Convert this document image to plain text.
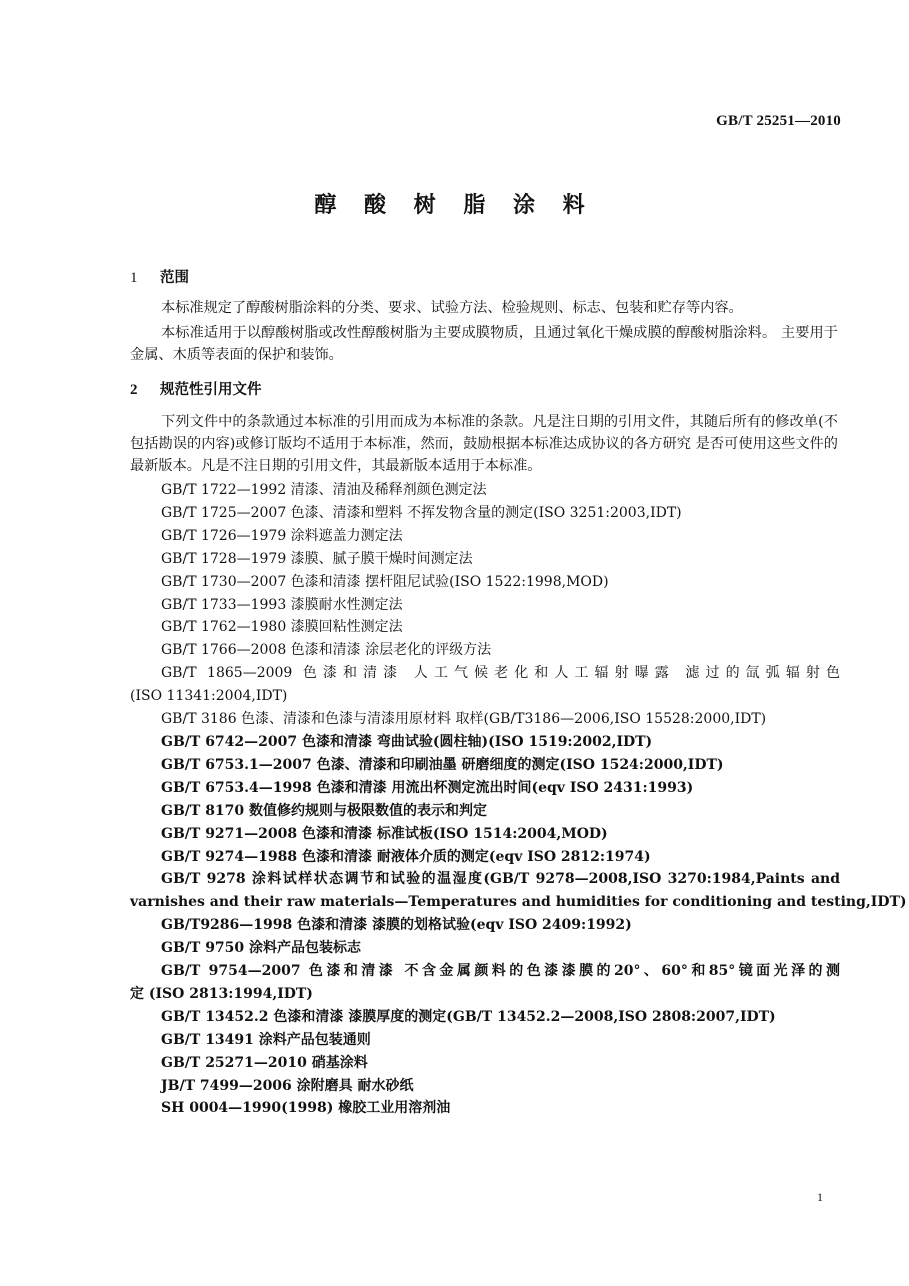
GB/T 25251—2010
醇 酸 树 脂 涂 料
1 范围
本标准规定了醇酸树脂涂料的分类、要求、试验方法、检验规则、标志、包装和贮存等内容。
本标准适用于以醇酸树脂或改性醇酸树脂为主要成膜物质，且通过氧化干燥成膜的醇酸树脂涂料。 主要用于金属、木质等表面的保护和装饰。
2 规范性引用文件
下列文件中的条款通过本标准的引用而成为本标准的条款。凡是注日期的引用文件，其随后所有的修改单(不包括勘误的内容)或修订版均不适用于本标准，然而，鼓励根据本标准达成协议的各方研究 是否可使用这些文件的最新版本。凡是不注日期的引用文件，其最新版本适用于本标准。
GB/T 1722—1992 清漆、清油及稀释剂颜色测定法
GB/T 1725—2007 色漆、清漆和塑料 不挥发物含量的测定(ISO 3251:2003,IDT)
GB/T 1726—1979 涂料遮盖力测定法
GB/T 1728—1979 漆膜、腻子膜干燥时间测定法
GB/T 1730—2007 色漆和清漆 摆杆阻尼试验(ISO 1522:1998,MOD)
GB/T 1733—1993 漆膜耐水性测定法
GB/T 1762—1980 漆膜回粘性测定法
GB/T 1766—2008 色漆和清漆 涂层老化的评级方法
GB/T 1865—2009 色漆和清漆 人工气候老化和人工辐射曝露 滤过的氙弧辐射色
(ISO 11341:2004,IDT)
GB/T 3186 色漆、清漆和色漆与清漆用原材料 取样(GB/T3186—2006,ISO 15528:2000,IDT)
GB/T 6742—2007 色漆和清漆 弯曲试验(圆柱轴)(ISO 1519:2002,IDT)
GB/T 6753.1—2007 色漆、清漆和印刷油墨 研磨细度的测定(ISO 1524:2000,IDT)
GB/T 6753.4—1998 色漆和清漆 用流出杯测定流出时间(eqv ISO 2431:1993)
GB/T 8170 数值修约规则与极限数值的表示和判定
GB/T 9271—2008 色漆和清漆 标准试板(ISO 1514:2004,MOD)
GB/T 9274—1988 色漆和清漆 耐液体介质的测定(eqv ISO 2812:1974)
GB/T 9278 涂料试样状态调节和试验的温湿度(GB/T 9278—2008,ISO 3270:1984,Paints and
varnishes and their raw materials—Temperatures and humidities for conditioning and testing,IDT)
GB/T9286—1998 色漆和清漆 漆膜的划格试验(eqv ISO 2409:1992)
GB/T 9750 涂料产品包装标志
GB/T 9754—2007 色漆和清漆 不含金属颜料的色漆漆膜的20°、60°和85°镜面光泽的测
定 (ISO 2813:1994,IDT)
GB/T 13452.2 色漆和清漆 漆膜厚度的测定(GB/T 13452.2—2008,ISO 2808:2007,IDT)
GB/T 13491 涂料产品包装通则
GB/T 25271—2010 硝基涂料
JB/T 7499—2006 涂附磨具 耐水砂纸
SH 0004—1990(1998) 橡胶工业用溶剂油
1
